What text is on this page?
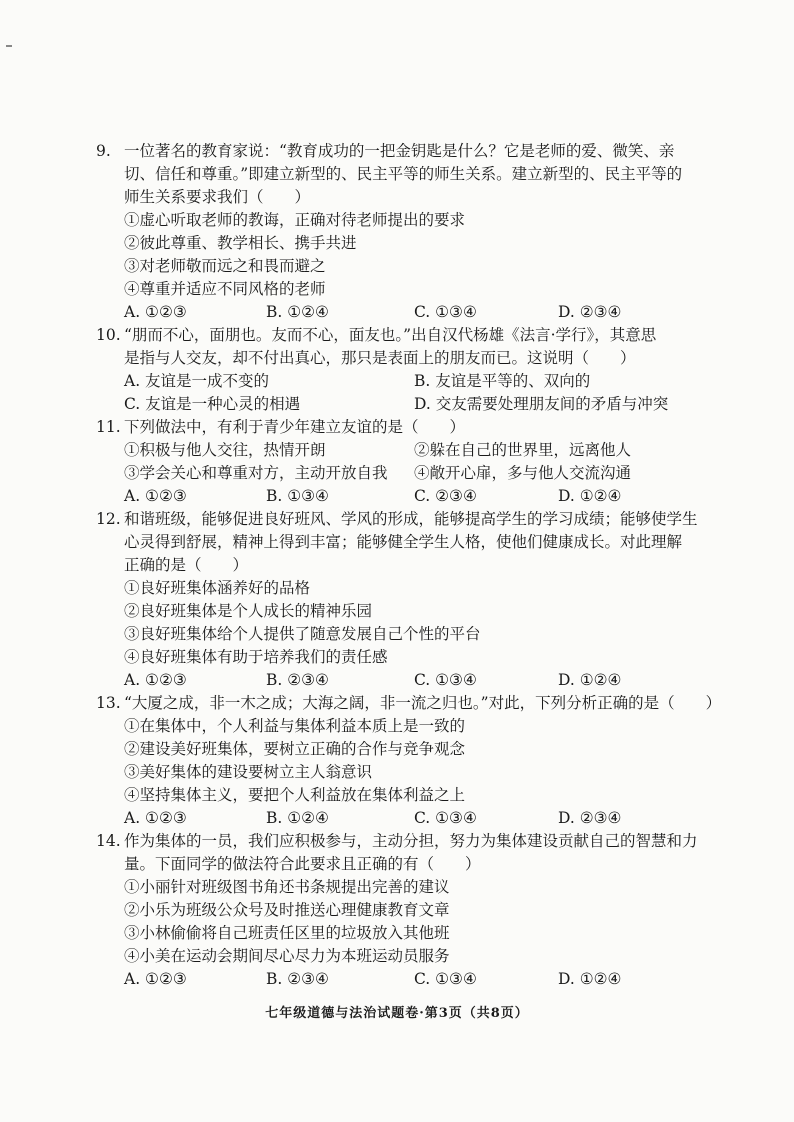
9. 一位著名的教育家说：“教育成功的一把金钥匙是什么？它是老师的爱、微笑、亲
切、信任和尊重。”即建立新型的、民主平等的师生关系。建立新型的、民主平等的
师生关系要求我们（　　）
①虚心听取老师的教诲，正确对待老师提出的要求
②彼此尊重、教学相长、携手共进
③对老师敬而远之和畏而避之
④尊重并适应不同风格的老师
A. ①②③	B. ①②④	C. ①③④	D. ②③④
10. “朋而不心，面朋也。友而不心，面友也。”出自汉代杨雄《法言·学行》，其意思
是指与人交友，却不付出真心，那只是表面上的朋友而已。这说明（　　）
A. 友谊是一成不变的	B. 友谊是平等的、双向的
C. 友谊是一种心灵的相遇	D. 交友需要处理朋友间的矛盾与冲突
11. 下列做法中，有利于青少年建立友谊的是（　　）
①积极与他人交往，热情开朗	②躲在自己的世界里，远离他人
③学会关心和尊重对方，主动开放自我 ④敞开心扉，多与他人交流沟通
A. ①②③	B. ①③④	C. ②③④	D. ①②④
12. 和谐班级，能够促进良好班风、学风的形成，能够提高学生的学习成绩；能够使学生
心灵得到舒展，精神上得到丰富；能够健全学生人格，使他们健康成长。对此理解
正确的是（　　）
①良好班集体涵养好的品格
②良好班集体是个人成长的精神乐园
③良好班集体给个人提供了随意发展自己个性的平台
④良好班集体有助于培养我们的责任感
A. ①②③	B. ②③④	C. ①③④	D. ①②④
13. “大厦之成，非一木之成；大海之阔，非一流之归也。”对此，下列分析正确的是（　　）
①在集体中，个人利益与集体利益本质上是一致的
②建设美好班集体，要树立正确的合作与竞争观念
③美好集体的建设要树立主人翁意识
④坚持集体主义，要把个人利益放在集体利益之上
A. ①②③	B. ①②④	C. ①③④	D. ②③④
14. 作为集体的一员，我们应积极参与，主动分担，努力为集体建设贡献自己的智慧和力
量。下面同学的做法符合此要求且正确的有（　　）
①小丽针对班级图书角还书条规提出完善的建议
②小乐为班级公众号及时推送心理健康教育文章
③小林偷偷将自己班责任区里的垃圾放入其他班
④小美在运动会期间尽心尽力为本班运动员服务
A. ①②③	B. ②③④	C. ①③④	D. ①②④
七年级道德与法治试题卷·第3页（共8页）
